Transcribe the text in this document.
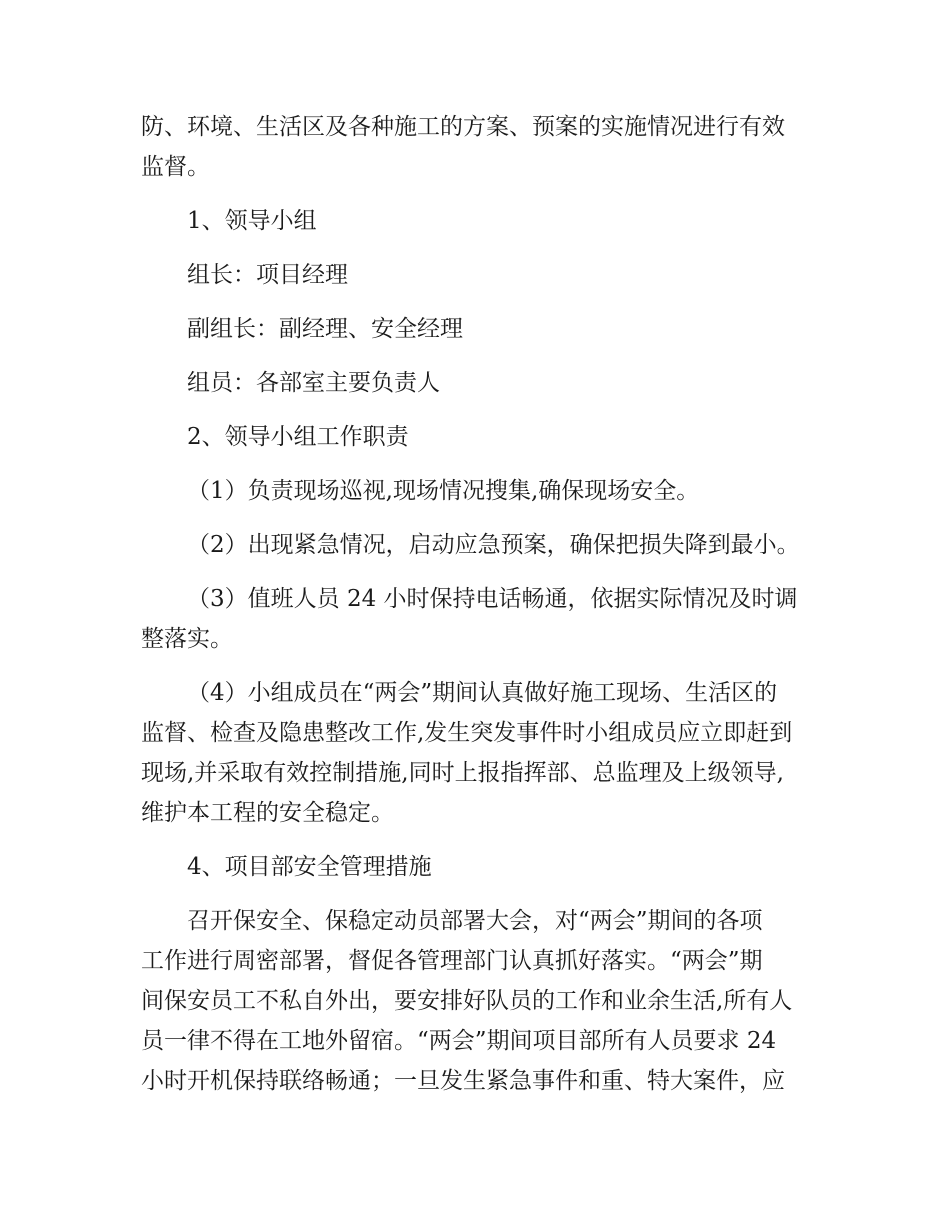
防、环境、生活区及各种施工的方案、预案的实施情况进行有效
监督。
1、领导小组
组长：项目经理
副组长：副经理、安全经理
组员：各部室主要负责人
2、领导小组工作职责
（1）负责现场巡视,现场情况搜集,确保现场安全。
（2）出现紧急情况，启动应急预案，确保把损失降到最小。
（3）值班人员 24 小时保持电话畅通，依据实际情况及时调
整落实。
（4）小组成员在“两会”期间认真做好施工现场、生活区的
监督、检查及隐患整改工作,发生突发事件时小组成员应立即赶到
现场,并采取有效控制措施,同时上报指挥部、总监理及上级领导,
维护本工程的安全稳定。
4、项目部安全管理措施
召开保安全、保稳定动员部署大会，对“两会”期间的各项
工作进行周密部署，督促各管理部门认真抓好落实。“两会”期
间保安员工不私自外出，要安排好队员的工作和业余生活,所有人
员一律不得在工地外留宿。“两会”期间项目部所有人员要求 24
小时开机保持联络畅通；一旦发生紧急事件和重、特大案件，应
